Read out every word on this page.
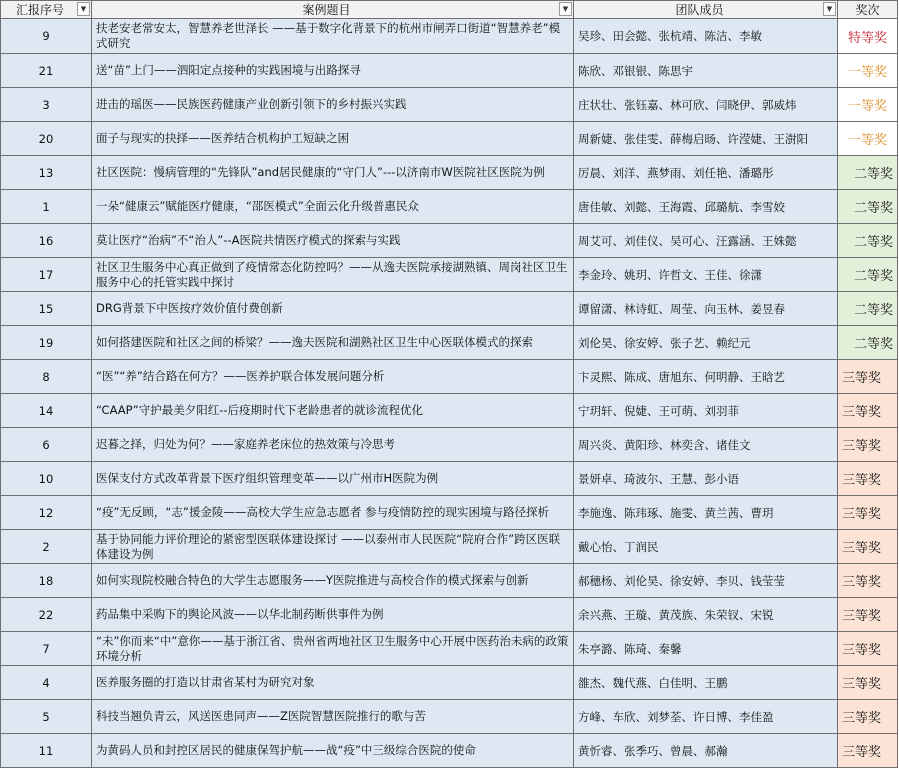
汇报序号 ▼	案例题目 ▼	团队成员 ▼	奖次
9	扶老安老常安太，智慧养老世泽长 ——基于数字化背景下的杭州市闸弄口街道“智慧养老”模式研究	吴珍、田会懿、张杭靖、陈洁、李敏	特等奖
21	送“苗”上门——泗阳定点接种的实践困境与出路探寻	陈欣、邓银银、陈思宇	一等奖
3	进击的瑶医——民族医药健康产业创新引领下的乡村振兴实践	庄状壮、张钰嘉、林可欣、闫晓伊、郭威炜	一等奖
20	面子与现实的抉择——医养结合机构护工短缺之困	周新婕、张佳雯、薛梅启旸、许滢婕、王澍阳	一等奖
13	社区医院：慢病管理的“先锋队”and居民健康的“守门人”---以济南市W医院社区医院为例	厉晨、刘洋、燕梦雨、刘任艳、潘璐彤	二等奖
1	一朵“健康云”赋能医疗健康，“邵医模式”全面云化升级普惠民众	唐佳敏、刘懿、王海霞、邱璐航、李雪姣	二等奖
16	莫让医疗“治病”不“治人”--A医院共情医疗模式的探索与实践	周艾可、刘佳仪、吴可心、汪露涵、王姝懿	二等奖
17	社区卫生服务中心真正做到了疫情常态化防控吗？——从逸夫医院承接湖熟镇、周岗社区卫生服务中心的托管实践中探讨	李金玲、姚玥、许哲文、王佳、徐潇	二等奖
15	DRG背景下中医按疗效价值付费创新	谭留潇、林诗虹、周莹、向玉林、姜昱春	二等奖
19	如何搭建医院和社区之间的桥梁？——逸夫医院和湖熟社区卫生中心医联体模式的探索	刘伦昊、徐安婷、张子艺、赖纪元	二等奖
8	“医”“养”结合路在何方？——医养护联合体发展问题分析	卞灵熙、陈成、唐旭东、何明静、王晗艺	三等奖
14	“CAAP”守护最美夕阳红--后疫期时代下老龄患者的就诊流程优化	宁玥轩、倪婕、王可萌、刘羽菲	三等奖
6	迟暮之择，归处为何？——家庭养老床位的热效策与冷思考	周兴炎、黄阳珍、林奕含、诸佳文	三等奖
10	医保支付方式改革背景下医疗组织管理变革——以广州市H医院为例	景妍卓、琦波尔、王慧、彭小语	三等奖
12	“疫”无反顾，“志”援金陵——高校大学生应急志愿者 参与疫情防控的现实困境与路径探析	李施逸、陈玮琢、施雯、黄兰茜、曹玥	三等奖
2	基于协同能力评价理论的紧密型医联体建设探讨 ——以泰州市人民医院“院府合作”跨区医联体建设为例	戴心怡、丁润民	三等奖
18	如何实现院校融合特色的大学生志愿服务——Y医院推进与高校合作的模式探索与创新	郝穗杨、刘伦昊、徐安婷、李贝、钱莹莹	三等奖
22	药品集中采购下的舆论风波——以华北制药断供事件为例	余兴燕、王璇、黄茂族、朱荣钗、宋锐	三等奖
7	“未”你而来“中”意你——基于浙江省、贵州省两地社区卫生服务中心开展中医药治未病的政策环境分析	朱亭潞、陈琦、秦馨	三等奖
4	医养服务圈的打造以甘肃省某村为研究对象	雒杰、魏代燕、白佳明、王鹏	三等奖
5	科技当翘负青云，风送医患同声——Z医院智慧医院推行的歌与苦	方峰、车欣、刘梦荃、许日博、李佳盈	三等奖
11	为黄码人员和封控区居民的健康保驾护航——战“疫”中三级综合医院的使命	黄忻睿、张季巧、曾晨、郝瀚	三等奖
